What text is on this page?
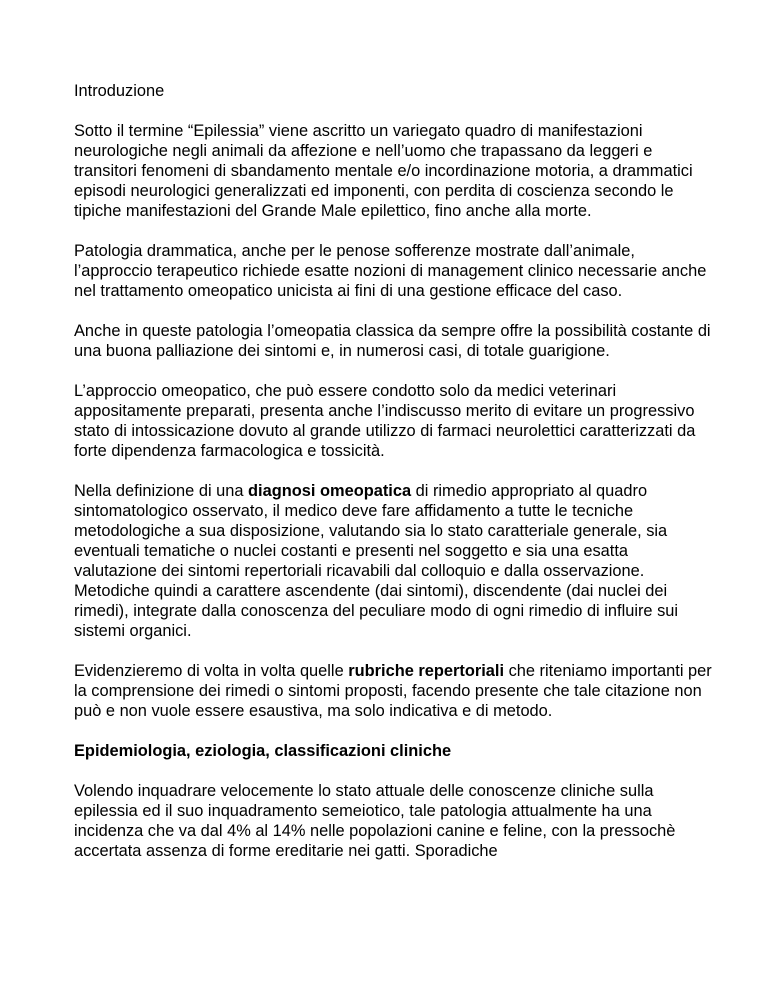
Introduzione

Sotto il termine “Epilessia” viene ascritto un variegato quadro di manifestazioni neurologiche negli animali da affezione e nell’uomo che trapassano da leggeri e transitori fenomeni di sbandamento mentale e/o incordinazione motoria, a drammatici episodi neurologici generalizzati ed imponenti, con perdita di coscienza secondo le tipiche manifestazioni del Grande Male epilettico, fino anche alla morte.

Patologia drammatica, anche per le penose sofferenze mostrate dall’animale, l’approccio terapeutico richiede esatte nozioni di management clinico necessarie anche nel trattamento omeopatico unicista ai fini di una gestione efficace del caso.

Anche in queste patologia l’omeopatia classica da sempre offre la possibilità costante di una buona palliazione dei sintomi e, in numerosi casi, di totale guarigione.

L’approccio omeopatico, che può essere condotto solo da medici veterinari appositamente preparati, presenta anche l’indiscusso merito di evitare un progressivo stato di intossicazione dovuto al grande utilizzo di farmaci neurolettici caratterizzati da forte dipendenza farmacologica e tossicità.

Nella definizione di una diagnosi omeopatica di rimedio appropriato al quadro sintomatologico osservato, il medico deve fare affidamento a tutte le tecniche metodologiche a sua disposizione, valutando sia lo stato caratteriale generale, sia eventuali tematiche o nuclei costanti e presenti nel soggetto e sia una esatta valutazione dei sintomi repertoriali ricavabili dal colloquio e dalla osservazione. Metodiche quindi a carattere ascendente (dai sintomi), discendente (dai nuclei dei rimedi), integrate dalla conoscenza del peculiare modo di ogni rimedio di influire sui sistemi organici.

Evidenzieremo di volta in volta quelle rubriche repertoriali che riteniamo importanti per la comprensione dei rimedi o sintomi proposti, facendo presente che tale citazione non può e non vuole essere esaustiva, ma solo indicativa e di metodo.

Epidemiologia, eziologia, classificazioni cliniche

Volendo inquadrare velocemente lo stato attuale delle conoscenze cliniche sulla epilessia ed il suo inquadramento semeiotico, tale patologia attualmente ha una incidenza che va dal 4% al 14% nelle popolazioni canine e feline, con la pressochè accertata assenza di forme ereditarie nei gatti. Sporadiche
